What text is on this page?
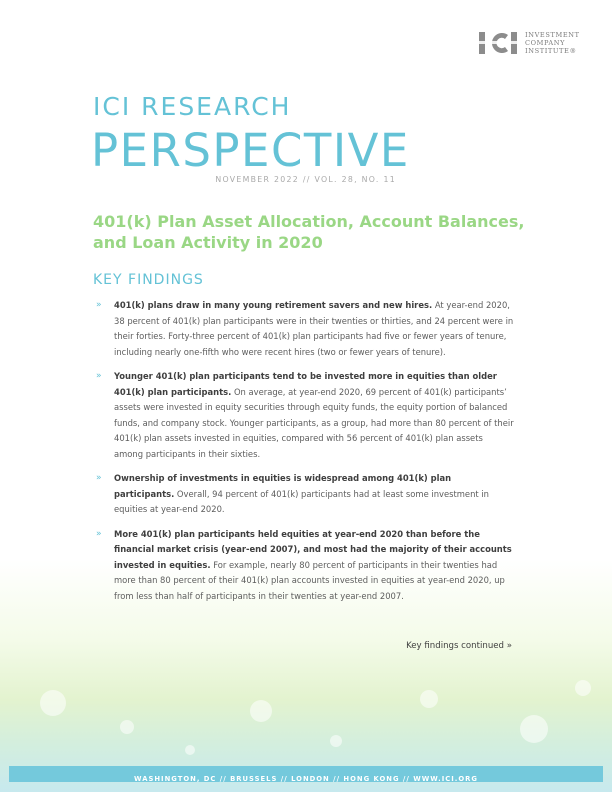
INVESTMENT
COMPANY
INSTITUTE®
ICI RESEARCH
PERSPECTIVE
NOVEMBER 2022 // VOL. 28, NO. 11
401(k) Plan Asset Allocation, Account Balances, and Loan Activity in 2020
KEY FINDINGS
» 401(k) plans draw in many young retirement savers and new hires. At year-end 2020, 38 percent of 401(k) plan participants were in their twenties or thirties, and 24 percent were in their forties. Forty-three percent of 401(k) plan participants had five or fewer years of tenure, including nearly one-fifth who were recent hires (two or fewer years of tenure).
» Younger 401(k) plan participants tend to be invested more in equities than older 401(k) plan participants. On average, at year-end 2020, 69 percent of 401(k) participants’ assets were invested in equity securities through equity funds, the equity portion of balanced funds, and company stock. Younger participants, as a group, had more than 80 percent of their 401(k) plan assets invested in equities, compared with 56 percent of 401(k) plan assets among participants in their sixties.
» Ownership of investments in equities is widespread among 401(k) plan participants. Overall, 94 percent of 401(k) participants had at least some investment in equities at year-end 2020.
» More 401(k) plan participants held equities at year-end 2020 than before the financial market crisis (year-end 2007), and most had the majority of their accounts invested in equities. For example, nearly 80 percent of participants in their twenties had more than 80 percent of their 401(k) plan accounts invested in equities at year-end 2020, up from less than half of participants in their twenties at year-end 2007.
Key findings continued »
WASHINGTON, DC // BRUSSELS // LONDON // HONG KONG // WWW.ICI.ORG
